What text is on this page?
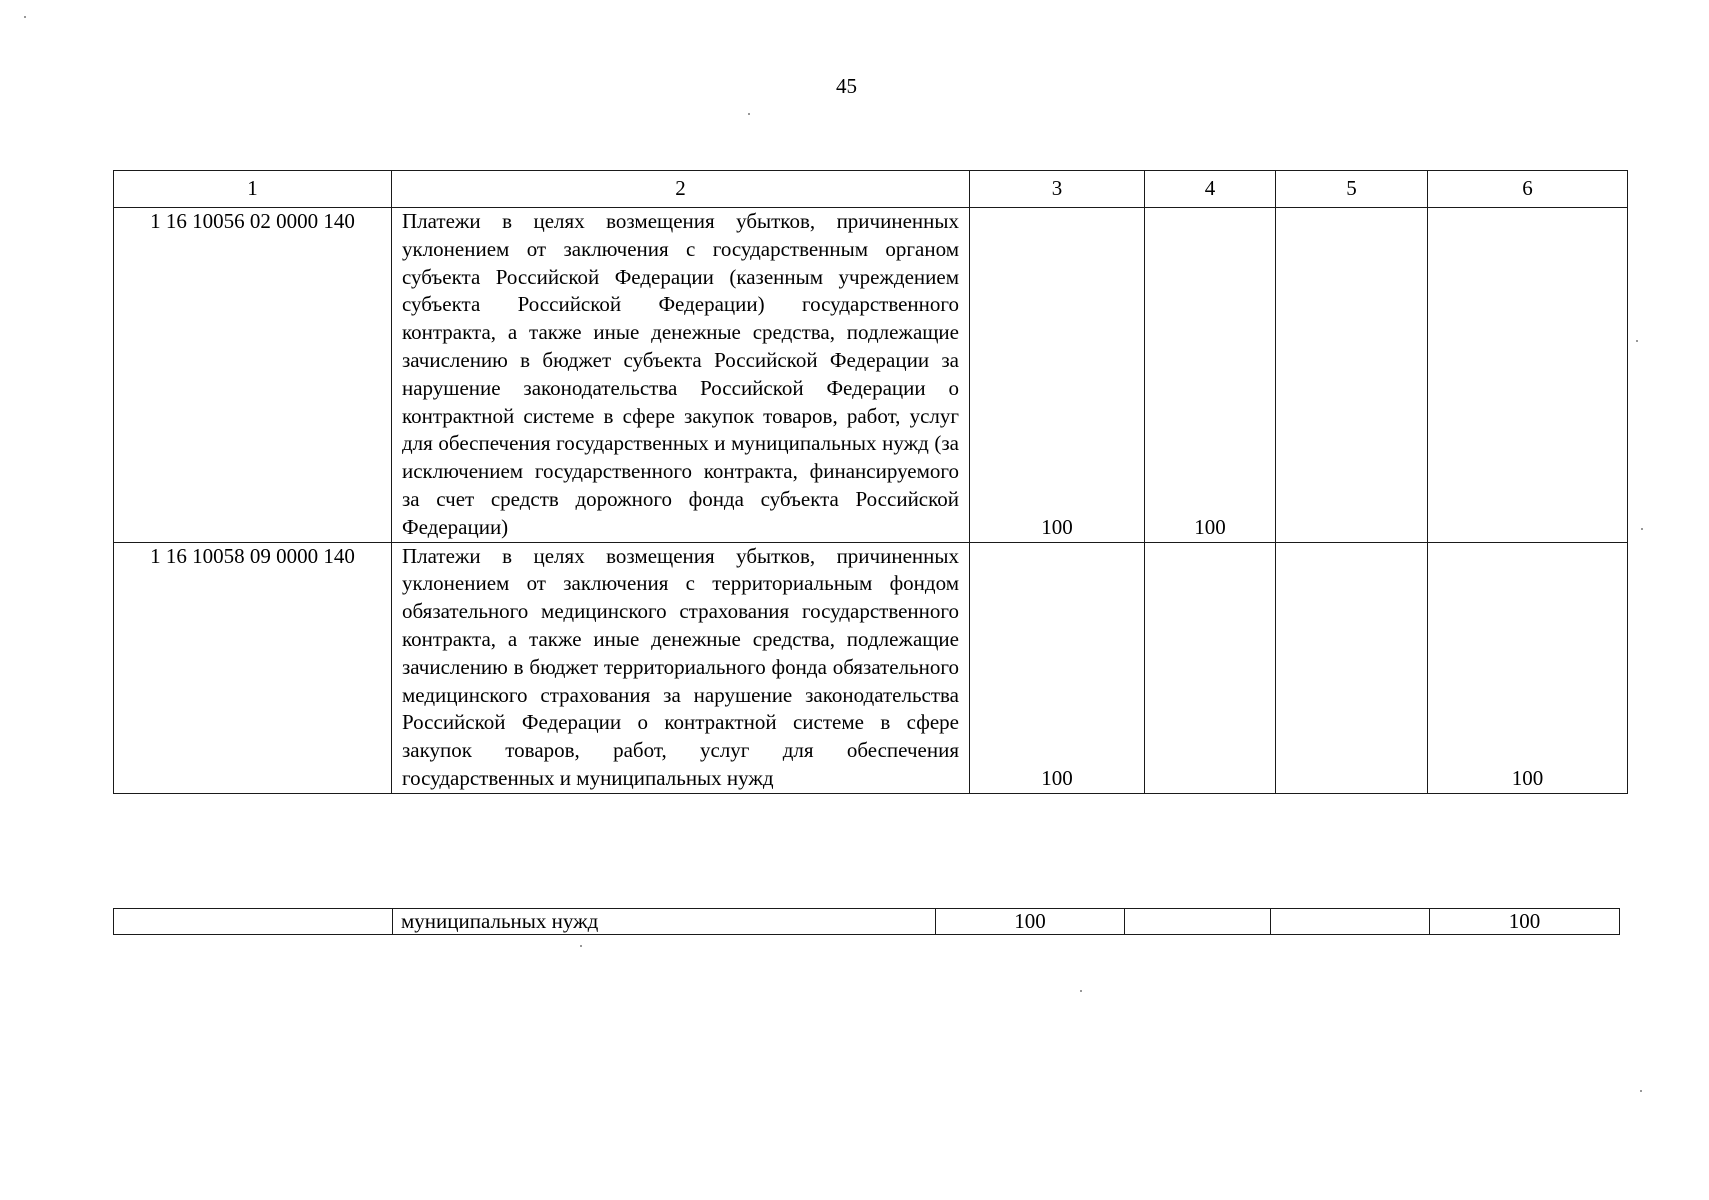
45
1	2	3	4	5	6
1 16 10056 02 0000 140	Платежи в целях возмещения убытков, причиненных уклонением от заключения с государственным органом субъекта Российской Федерации (казенным учреждением субъекта Российской Федерации) государственного контракта, а также иные денежные средства, подлежащие зачислению в бюджет субъекта Российской Федерации за нарушение законодательства Российской Федерации о контрактной системе в сфере закупок товаров, работ, услуг для обеспечения государственных и муниципальных нужд (за исключением государственного контракта, финансируемого за счет средств дорожного фонда субъекта Российской Федерации)	100	100		
1 16 10058 09 0000 140	Платежи в целях возмещения убытков, причиненных уклонением от заключения с территориальным фондом обязательного медицинского страхования государственного контракта, а также иные денежные средства, подлежащие зачислению в бюджет территориального фонда обязательного медицинского страхования за нарушение законодательства Российской Федерации о контрактной системе в сфере закупок товаров, работ, услуг для обеспечения государственных и муниципальных нужд	100			100
	муниципальных нужд	100			100
